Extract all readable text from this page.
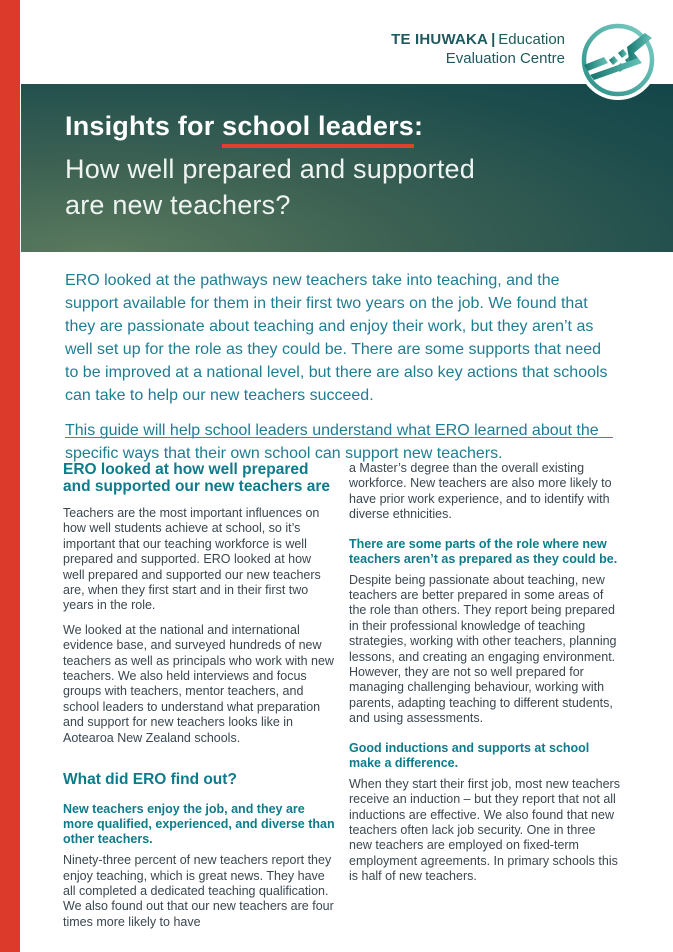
TE IHUWAKA | Education
Evaluation Centre
Insights for school leaders:
How well prepared and supported
are new teachers?

ERO looked at the pathways new teachers take into teaching, and the support available for them in their first two years on the job. We found that they are passionate about teaching and enjoy their work, but they aren’t as well set up for the role as they could be. There are some supports that need to be improved at a national level, but there are also key actions that schools can take to help our new teachers succeed.

This guide will help school leaders understand what ERO learned about the specific ways that their own school can support new teachers.

ERO looked at how well prepared and supported our new teachers are

Teachers are the most important influences on how well students achieve at school, so it’s important that our teaching workforce is well prepared and supported. ERO looked at how well prepared and supported our new teachers are, when they first start and in their first two years in the role.

We looked at the national and international evidence base, and surveyed hundreds of new teachers as well as principals who work with new teachers. We also held interviews and focus groups with teachers, mentor teachers, and school leaders to understand what preparation and support for new teachers looks like in Aotearoa New Zealand schools.

What did ERO find out?
New teachers enjoy the job, and they are more qualified, experienced, and diverse than other teachers.

Ninety-three percent of new teachers report they enjoy teaching, which is great news. They have all completed a dedicated teaching qualification. We also found out that our new teachers are four times more likely to have

a Master’s degree than the overall existing workforce. New teachers are also more likely to have prior work experience, and to identify with diverse ethnicities.

There are some parts of the role where new teachers aren’t as prepared as they could be.

Despite being passionate about teaching, new teachers are better prepared in some areas of the role than others. They report being prepared in their professional knowledge of teaching strategies, working with other teachers, planning lessons, and creating an engaging environment. However, they are not so well prepared for managing challenging behaviour, working with parents, adapting teaching to different students, and using assessments.

Good inductions and supports at school make a difference.

When they start their first job, most new teachers receive an induction – but they report that not all inductions are effective. We also found that new teachers often lack job security. One in three new teachers are employed on fixed-term employment agreements. In primary schools this is half of new teachers.
